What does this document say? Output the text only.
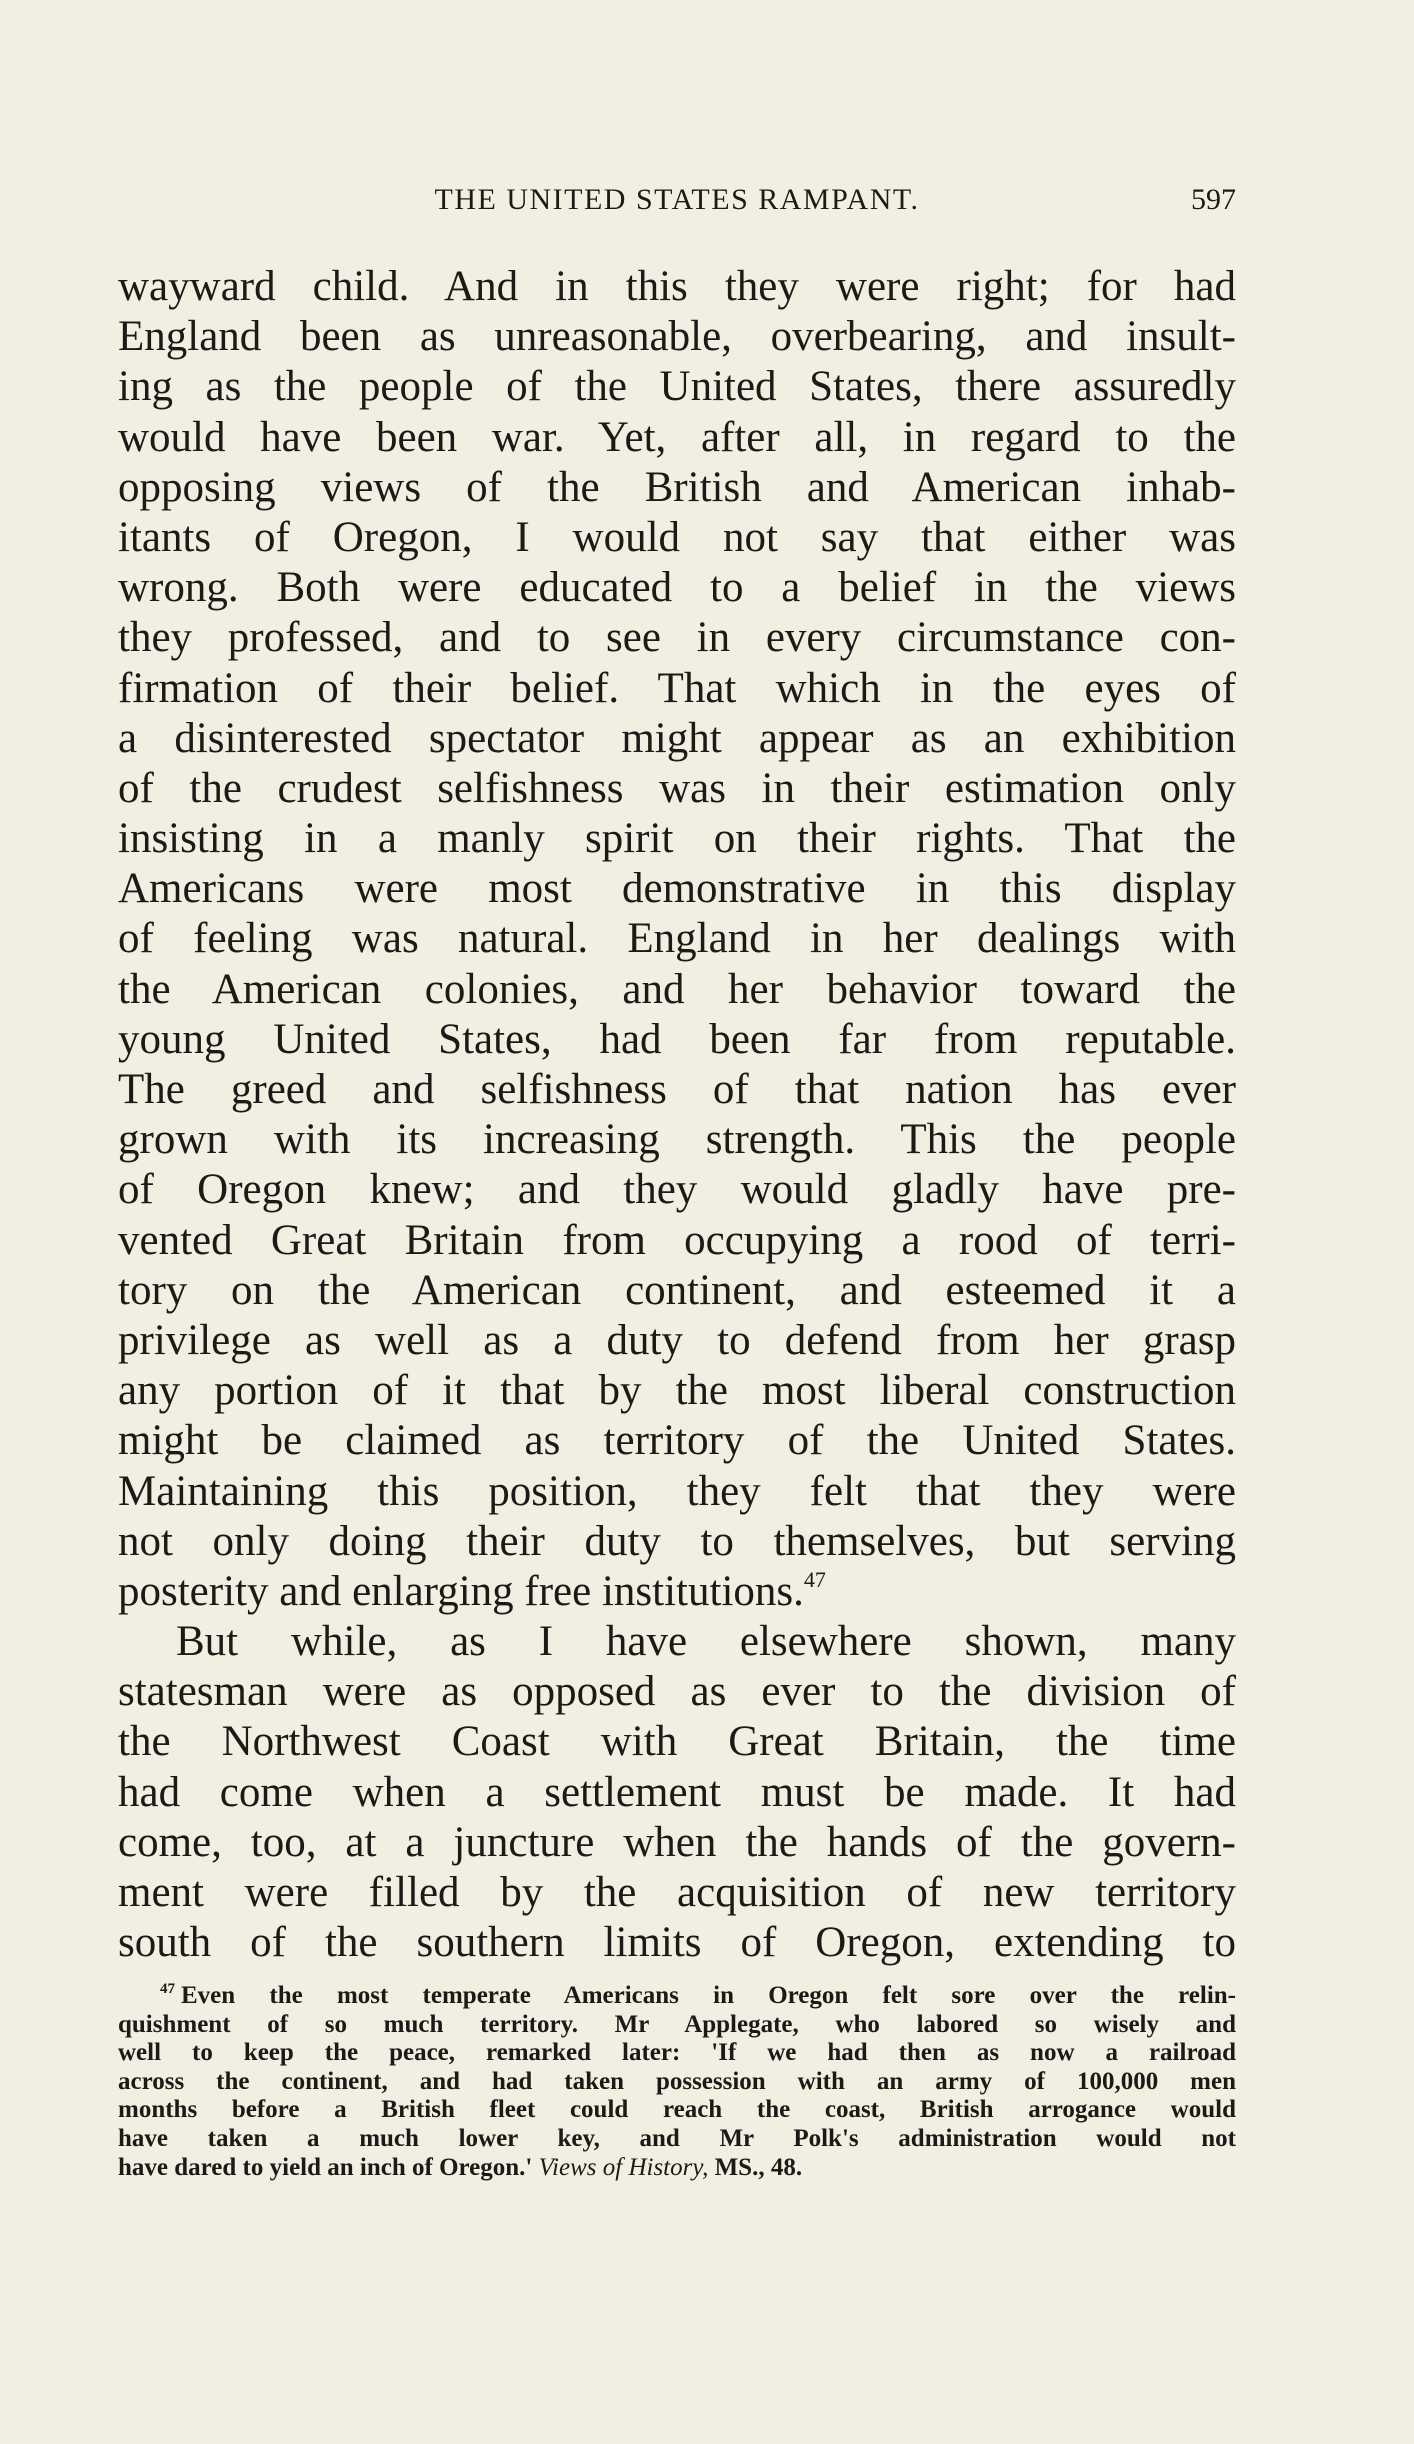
THE UNITED STATES RAMPANT.	597
wayward child. And in this they were right; for had
England been as unreasonable, overbearing, and insult-
ing as the people of the United States, there assuredly
would have been war. Yet, after all, in regard to the
opposing views of the British and American inhab-
itants of Oregon, I would not say that either was
wrong. Both were educated to a belief in the views
they professed, and to see in every circumstance con-
firmation of their belief. That which in the eyes of
a disinterested spectator might appear as an exhibition
of the crudest selfishness was in their estimation only
insisting in a manly spirit on their rights. That the
Americans were most demonstrative in this display
of feeling was natural. England in her dealings with
the American colonies, and her behavior toward the
young United States, had been far from reputable.
The greed and selfishness of that nation has ever
grown with its increasing strength. This the people
of Oregon knew; and they would gladly have pre-
vented Great Britain from occupying a rood of terri-
tory on the American continent, and esteemed it a
privilege as well as a duty to defend from her grasp
any portion of it that by the most liberal construction
might be claimed as territory of the United States.
Maintaining this position, they felt that they were
not only doing their duty to themselves, but serving
posterity and enlarging free institutions.$^{47}$
But while, as I have elsewhere shown, many
statesman were as opposed as ever to the division of
the Northwest Coast with Great Britain, the time
had come when a settlement must be made. It had
come, too, at a juncture when the hands of the govern-
ment were filled by the acquisition of new territory
south of the southern limits of Oregon, extending to
$^{47}$ Even the most temperate Americans in Oregon felt sore over the relin-
quishment of so much territory. Mr Applegate, who labored so wisely and
well to keep the peace, remarked later: 'If we had then as now a railroad
across the continent, and had taken possession with an army of 100,000 men
months before a British fleet could reach the coast, British arrogance would
have taken a much lower key, and Mr Polk's administration would not
have dared to yield an inch of Oregon.' Views of History, MS., 48.
